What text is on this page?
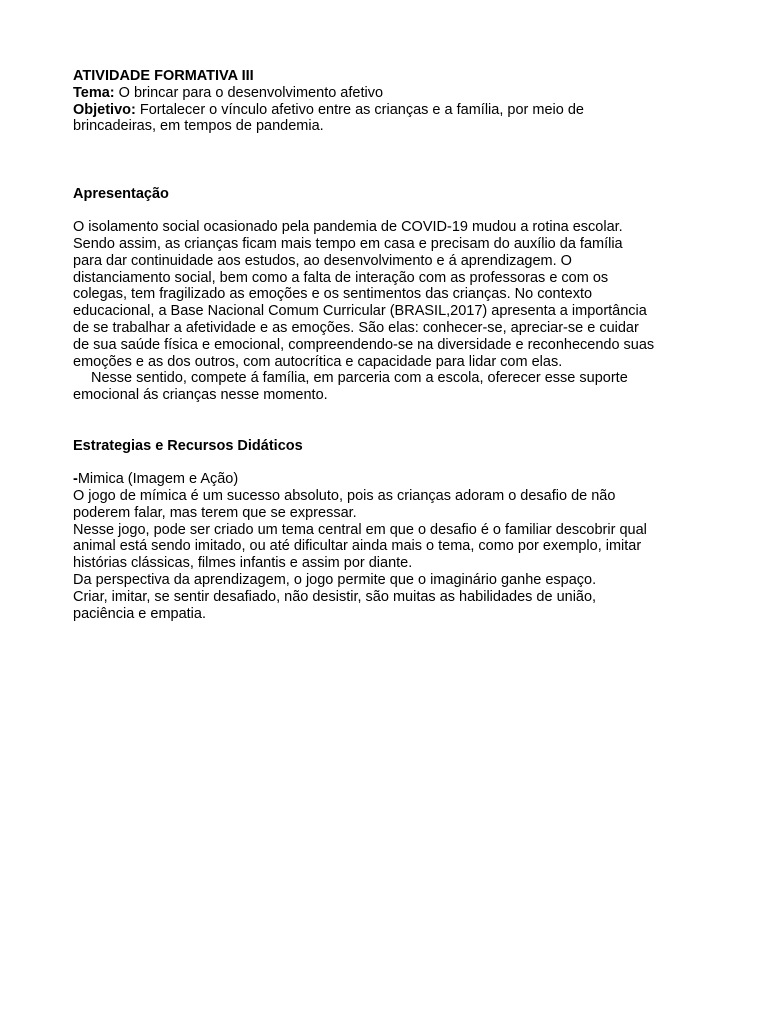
ATIVIDADE FORMATIVA III
Tema: O brincar para o desenvolvimento afetivo
Objetivo: Fortalecer o vínculo afetivo entre as crianças e a família, por meio de
brincadeiras, em tempos de pandemia.
Apresentação
O isolamento social ocasionado pela pandemia de COVID-19 mudou a rotina escolar.
Sendo assim, as crianças ficam mais tempo em casa e precisam do auxílio da família
para dar continuidade aos estudos, ao desenvolvimento e á aprendizagem. O
distanciamento social, bem como a falta de interação com as professoras e com os
colegas, tem fragilizado as emoções e os sentimentos das crianças. No contexto
educacional, a Base Nacional Comum Curricular (BRASIL,2017) apresenta a importância
de se trabalhar a afetividade e as emoções. São elas: conhecer-se, apreciar-se e cuidar
de sua saúde física e emocional, compreendendo-se na diversidade e reconhecendo suas
emoções e as dos outros, com autocrítica e capacidade para lidar com elas.
Nesse sentido, compete á família, em parceria com a escola, oferecer esse suporte
emocional ás crianças nesse momento.
Estrategias e Recursos Didáticos
-Mimica (Imagem e Ação)
O jogo de mímica é um sucesso absoluto, pois as crianças adoram o desafio de não
poderem falar, mas terem que se expressar.
Nesse jogo, pode ser criado um tema central em que o desafio é o familiar descobrir qual
animal está sendo imitado, ou até dificultar ainda mais o tema, como por exemplo, imitar
histórias clássicas, filmes infantis e assim por diante.
Da perspectiva da aprendizagem, o jogo permite que o imaginário ganhe espaço.
Criar, imitar, se sentir desafiado, não desistir, são muitas as habilidades de união,
paciência e empatia.
